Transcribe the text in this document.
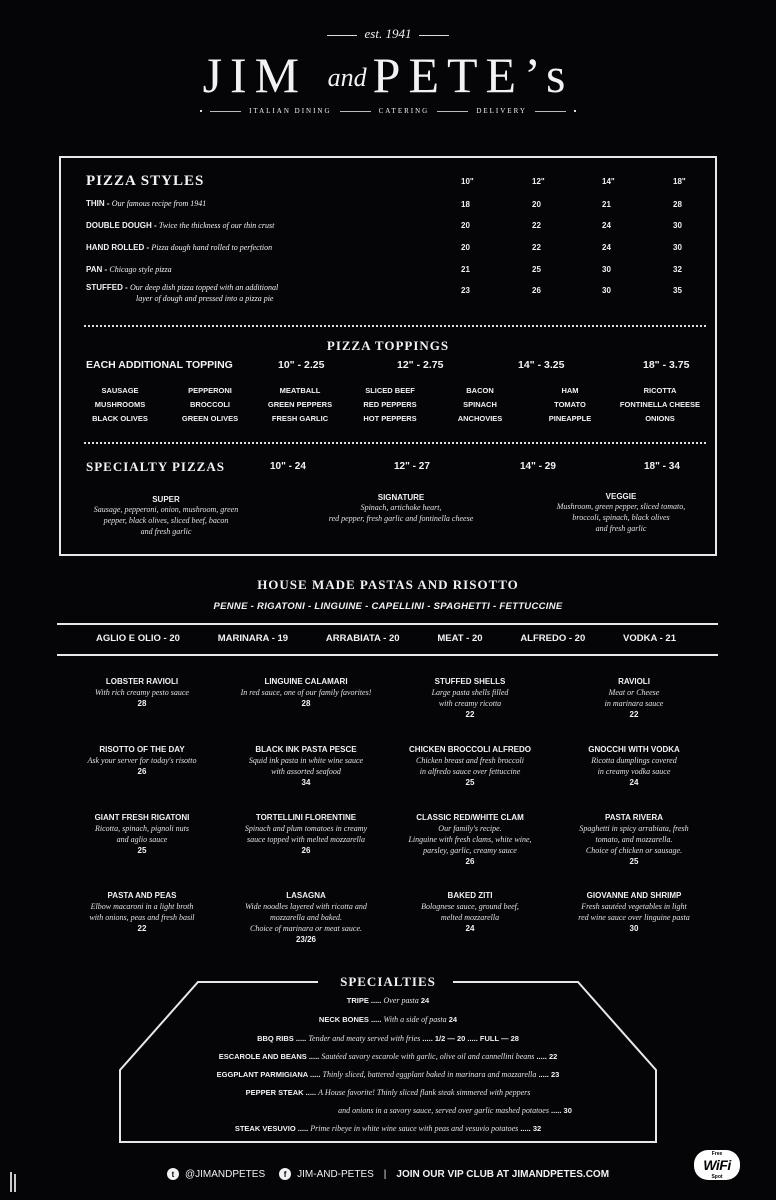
est. 1941
JIM and PETE’s
ITALIAN DINING	CATERING	DELIVERY
PIZZA STYLES	10"	12"	14"	18"
THIN - Our famous recipe from 1941	18	20	21	28
DOUBLE DOUGH - Twice the thickness of our thin crust	20	22	24	30
HAND ROLLED - Pizza dough hand rolled to perfection	20	22	24	30
PAN - Chicago style pizza	21	25	30	32
STUFFED - Our deep dish pizza topped with an additional
layer of dough and pressed into a pizza pie
23	26	30	35
PIZZA TOPPINGS
EACH ADDITIONAL TOPPING	10" - 2.25	12" - 2.75	14" - 3.25	18" - 3.75
SAUSAGE	PEPPERONI	MEATBALL	SLICED BEEF	BACON	HAM	RICOTTA
MUSHROOMS	BROCCOLI	GREEN PEPPERS	RED PEPPERS	SPINACH	TOMATO	FONTINELLA CHEESE
BLACK OLIVES	GREEN OLIVES	FRESH GARLIC	HOT PEPPERS	ANCHOVIES	PINEAPPLE	ONIONS
SPECIALTY PIZZAS	10" - 24	12" - 27	14" - 29	18" - 34
SUPER
Sausage, pepperoni, onion, mushroom, green
pepper, black olives, sliced beef, bacon
and fresh garlic
SIGNATURE
Spinach, artichoke heart,
red pepper, fresh garlic and fontinella cheese
VEGGIE
Mushroom, green pepper, sliced tomato,
broccoli, spinach, black olives
and fresh garlic
HOUSE MADE PASTAS AND RISOTTO
PENNE - RIGATONI - LINGUINE - CAPELLINI - SPAGHETTI - FETTUCCINE
AGLIO E OLIO - 20	MARINARA - 19	ARRABIATA - 20	MEAT - 20	ALFREDO - 20	VODKA - 21
LOBSTER RAVIOLI
With rich creamy pesto sauce
28
LINGUINE CALAMARI
In red sauce, one of our family favorites!
28
STUFFED SHELLS
Large pasta shells filled
with creamy ricotta
22
RAVIOLI
Meat or Cheese
in marinara sauce
22
RISOTTO OF THE DAY
Ask your server for today's risotto
26
BLACK INK PASTA PESCE
Squid ink pasta in white wine sauce
with assorted seafood
34
CHICKEN BROCCOLI ALFREDO
Chicken breast and fresh broccoli
in alfredo sauce over fettuccine
25
GNOCCHI WITH VODKA
Ricotta dumplings covered
in creamy vodka sauce
24
GIANT FRESH RIGATONI
Ricotta, spinach, pignoli nuts
and aglio sauce
25
TORTELLINI FLORENTINE
Spinach and plum tomatoes in creamy
sauce topped with melted mozzarella
26
CLASSIC RED/WHITE CLAM
Our family's recipe.
Linguine with fresh clams, white wine,
parsley, garlic, creamy sauce
26
PASTA RIVERA
Spaghetti in spicy arrabiata, fresh
tomato, and mozzarella.
Choice of chicken or sausage.
25
PASTA AND PEAS
Elbow macaroni in a light broth
with onions, peas and fresh basil
22
LASAGNA
Wide noodles layered with ricotta and
mozzarella and baked.
Choice of marinara or meat sauce.
23/26
BAKED ZITI
Bolognese sauce, ground beef,
melted mozzarella
24
GIOVANNE AND SHRIMP
Fresh sautéed vegetables in light
red wine sauce over linguine pasta
30
SPECIALTIES
TRIPE ..... Over pasta 24
NECK BONES ..... With a side of pasta 24
BBQ RIBS ..... Tender and meaty served with fries ..... 1/2 — 20 ..... FULL — 28
ESCAROLE AND BEANS ..... Sautéed savory escarole with garlic, olive oil and cannellini beans ..... 22
EGGPLANT PARMIGIANA ..... Thinly sliced, battered eggplant baked in marinara and mozzarella ..... 23
PEPPER STEAK ..... A House favorite! Thinly sliced flank steak simmered with peppers
and onions in a savory sauce, served over garlic mashed potatoes ..... 30
STEAK VESUVIO ..... Prime ribeye in white wine sauce with peas and vesuvio potatoes ..... 32
t	@JIMANDPETES	f	JIM-AND-PETES | JOIN OUR VIP CLUB AT JIMANDPETES.COM
Free
WiFi
Spot
